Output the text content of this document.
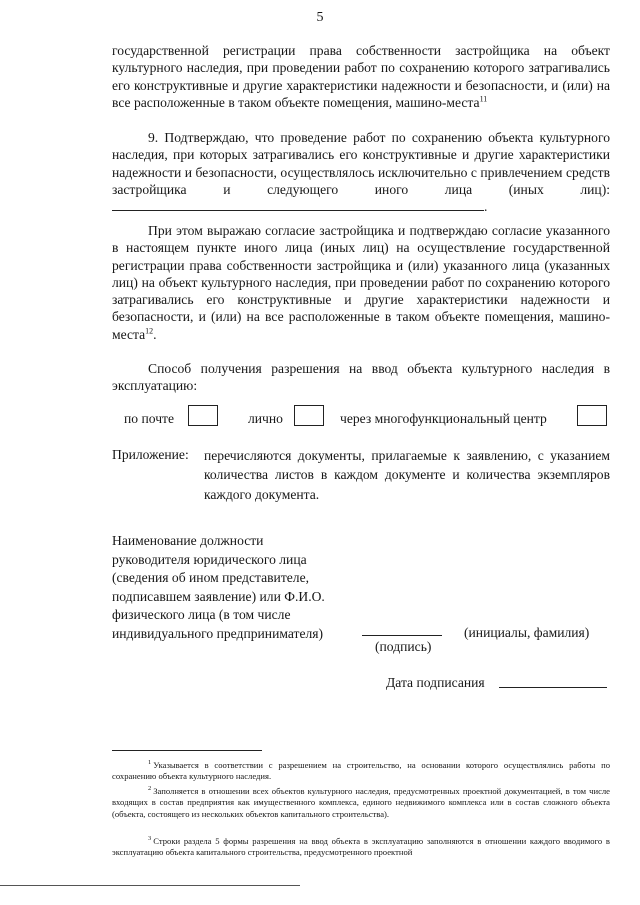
5
государственной регистрации права собственности застройщика на объект культурного наследия, при проведении работ по сохранению которого затрагивались его конструктивные и другие характеристики надежности и безопасности, и (или) на все расположенные в таком объекте помещения, машино-места$^{11}$
9. Подтверждаю, что проведение работ по сохранению объекта культурного наследия, при которых затрагивались его конструктивные и другие характеристики надежности и безопасности, осуществлялось исключительно с привлечением средств застройщика и следующего иного лица (иных лиц): .
При этом выражаю согласие застройщика и подтверждаю согласие указанного в настоящем пункте иного лица (иных лиц) на осуществление государственной регистрации права собственности застройщика и (или) указанного лица (указанных лиц) на объект культурного наследия, при проведении работ по сохранению которого затрагивались его конструктивные и другие характеристики надежности и безопасности, и (или) на все расположенные в таком объекте помещения, машино-места$^{12}$.
Способ получения разрешения на ввод объекта культурного наследия в эксплуатацию:
по почте	лично	через многофункциональный центр
Приложение: перечисляются документы, прилагаемые к заявлению, с указанием количества листов в каждом документе и количества экземпляров каждого документа.
Наименование должности
руководителя юридического лица
(сведения об ином представителе,
подписавшем заявление) или Ф.И.О.
физического лица (в том числе
индивидуального предпринимателя)
(подпись)
(инициалы, фамилия)
Дата подписания
$^1$ Указывается в соответствии с разрешением на строительство, на основании которого осуществлялись работы по сохранению объекта культурного наследия.
$^2$ Заполняется в отношении всех объектов культурного наследия, предусмотренных проектной документацией, в том числе входящих в состав предприятия как имущественного комплекса, единого недвижимого комплекса или в состав сложного объекта (объекта, состоящего из нескольких объектов капитального строительства).
$^3$ Строки раздела 5 формы разрешения на ввод объекта в эксплуатацию заполняются в отношении каждого вводимого в эксплуатацию объекта капитального строительства, предусмотренного проектной
